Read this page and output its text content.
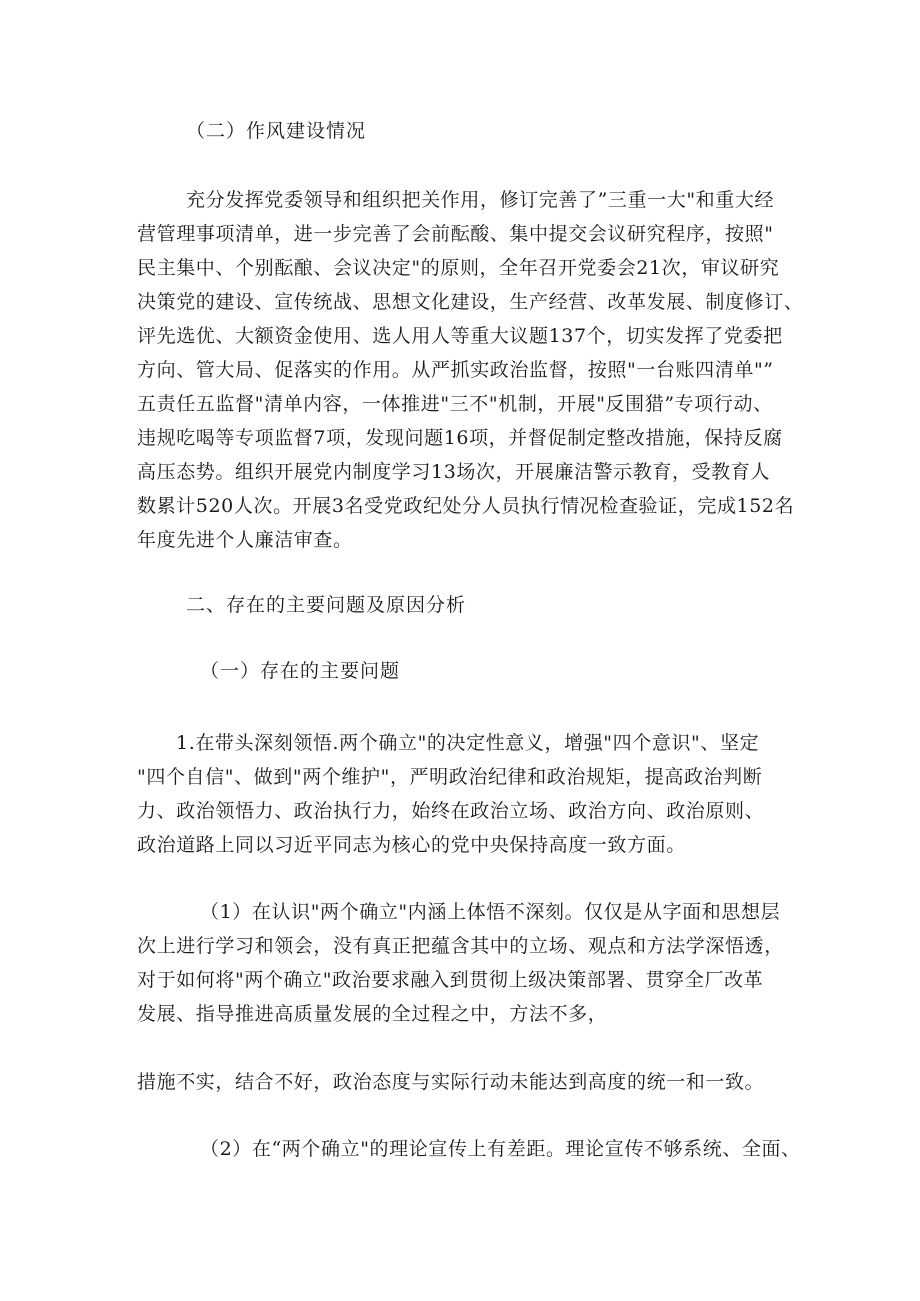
（二）作风建设情况
充分发挥党委领导和组织把关作用，修订完善了”三重一大"和重大经
营管理事项清单，进一步完善了会前酝酸、集中提交会议研究程序，按照"
民主集中、个别酝酿、会议决定"的原则，全年召开党委会21次，审议研究
决策党的建设、宣传统战、思想文化建设，生产经营、改革发展、制度修订、
评先选优、大额资金使用、选人用人等重大议题137个，切实发挥了党委把
方向、管大局、促落实的作用。从严抓实政治监督，按照"一台账四清单"”
五责任五监督"清单内容，一体推进"三不"机制，开展"反围猎”专项行动、
违规吃喝等专项监督7项，发现问题16项，并督促制定整改措施，保持反腐
高压态势。组织开展党内制度学习13场次，开展廉洁警示教育，受教育人
数累计520人次。开展3名受党政纪处分人员执行情况检查验证，完成152名
年度先进个人廉洁审查。
二、存在的主要问题及原因分析
（一）存在的主要问题
1.在带头深刻领悟.两个确立"的决定性意义，增强"四个意识"、坚定
"四个自信"、做到"两个维护"，严明政治纪律和政治规矩，提高政治判断
力、政治领悟力、政治执行力，始终在政治立场、政治方向、政治原则、
政治道路上同以习近平同志为核心的党中央保持高度一致方面。
（1）在认识"两个确立"内涵上体悟不深刻。仅仅是从字面和思想层
次上进行学习和领会，没有真正把蕴含其中的立场、观点和方法学深悟透，
对于如何将"两个确立"政治要求融入到贯彻上级决策部署、贯穿全厂改革
发展、指导推进高质量发展的全过程之中，方法不多，
措施不实，结合不好，政治态度与实际行动未能达到高度的统一和一致。
（2）在“两个确立"的理论宣传上有差距。理论宣传不够系统、全面、
